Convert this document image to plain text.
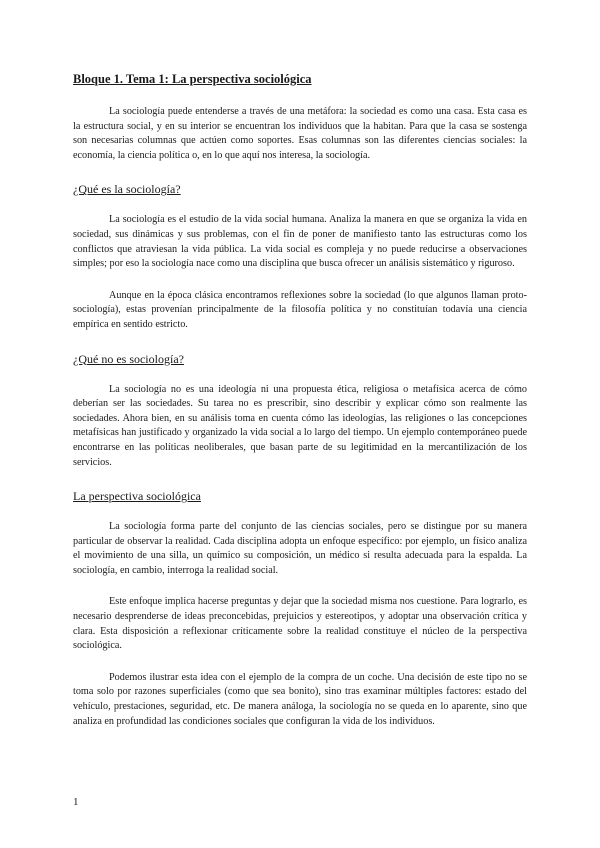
Bloque 1. Tema 1: La perspectiva sociológica

La sociología puede entenderse a través de una metáfora: la sociedad es como una casa. Esta casa es la estructura social, y en su interior se encuentran los individuos que la habitan. Para que la casa se sostenga son necesarias columnas que actúen como soportes. Esas columnas son las diferentes ciencias sociales: la economía, la ciencia política o, en lo que aquí nos interesa, la sociología.

¿Qué es la sociología?

La sociología es el estudio de la vida social humana. Analiza la manera en que se organiza la vida en sociedad, sus dinámicas y sus problemas, con el fin de poner de manifiesto tanto las estructuras como los conflictos que atraviesan la vida pública. La vida social es compleja y no puede reducirse a observaciones simples; por eso la sociología nace como una disciplina que busca ofrecer un análisis sistemático y riguroso.

Aunque en la época clásica encontramos reflexiones sobre la sociedad (lo que algunos llaman proto-sociología), estas provenían principalmente de la filosofía política y no constituían todavía una ciencia empírica en sentido estricto.

¿Qué no es sociología?

La sociología no es una ideología ni una propuesta ética, religiosa o metafísica acerca de cómo deberían ser las sociedades. Su tarea no es prescribir, sino describir y explicar cómo son realmente las sociedades. Ahora bien, en su análisis toma en cuenta cómo las ideologías, las religiones o las concepciones metafísicas han justificado y organizado la vida social a lo largo del tiempo. Un ejemplo contemporáneo puede encontrarse en las políticas neoliberales, que basan parte de su legitimidad en la mercantilización de los servicios.

La perspectiva sociológica

La sociología forma parte del conjunto de las ciencias sociales, pero se distingue por su manera particular de observar la realidad. Cada disciplina adopta un enfoque específico: por ejemplo, un físico analiza el movimiento de una silla, un químico su composición, un médico si resulta adecuada para la espalda. La sociología, en cambio, interroga la realidad social.

Este enfoque implica hacerse preguntas y dejar que la sociedad misma nos cuestione. Para lograrlo, es necesario desprenderse de ideas preconcebidas, prejuicios y estereotipos, y adoptar una observación crítica y clara. Esta disposición a reflexionar críticamente sobre la realidad constituye el núcleo de la perspectiva sociológica.

Podemos ilustrar esta idea con el ejemplo de la compra de un coche. Una decisión de este tipo no se toma solo por razones superficiales (como que sea bonito), sino tras examinar múltiples factores: estado del vehículo, prestaciones, seguridad, etc. De manera análoga, la sociología no se queda en lo aparente, sino que analiza en profundidad las condiciones sociales que configuran la vida de los individuos.

1
